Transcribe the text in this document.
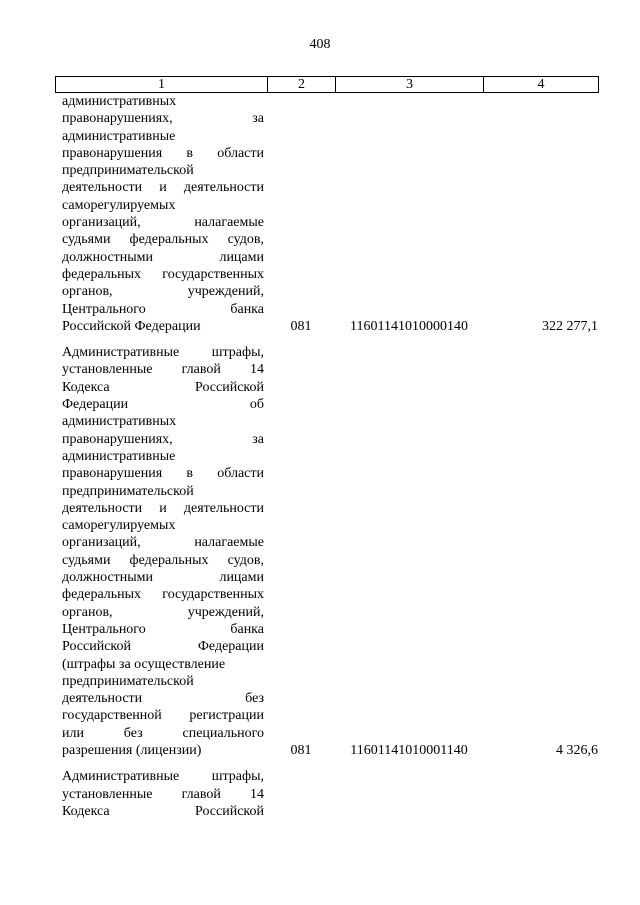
408
1	2	3	4
административных
правонарушениях, за
административные
правонарушения в области
предпринимательской
деятельности и деятельности
саморегулируемых
организаций, налагаемые
судьями федеральных судов,
должностными лицами
федеральных государственных
органов, учреждений,
Центрального банка
Российской Федерации	081	11601141010000140	322 277,1
Административные штрафы,
установленные главой 14
Кодекса Российской
Федерации об
административных
правонарушениях, за
административные
правонарушения в области
предпринимательской
деятельности и деятельности
саморегулируемых
организаций, налагаемые
судьями федеральных судов,
должностными лицами
федеральных государственных
органов, учреждений,
Центрального банка
Российской Федерации
(штрафы за осуществление
предпринимательской
деятельности без
государственной регистрации
или без специального
разрешения (лицензии)	081	11601141010001140	4 326,6
Административные штрафы,
установленные главой 14
Кодекса Российской
